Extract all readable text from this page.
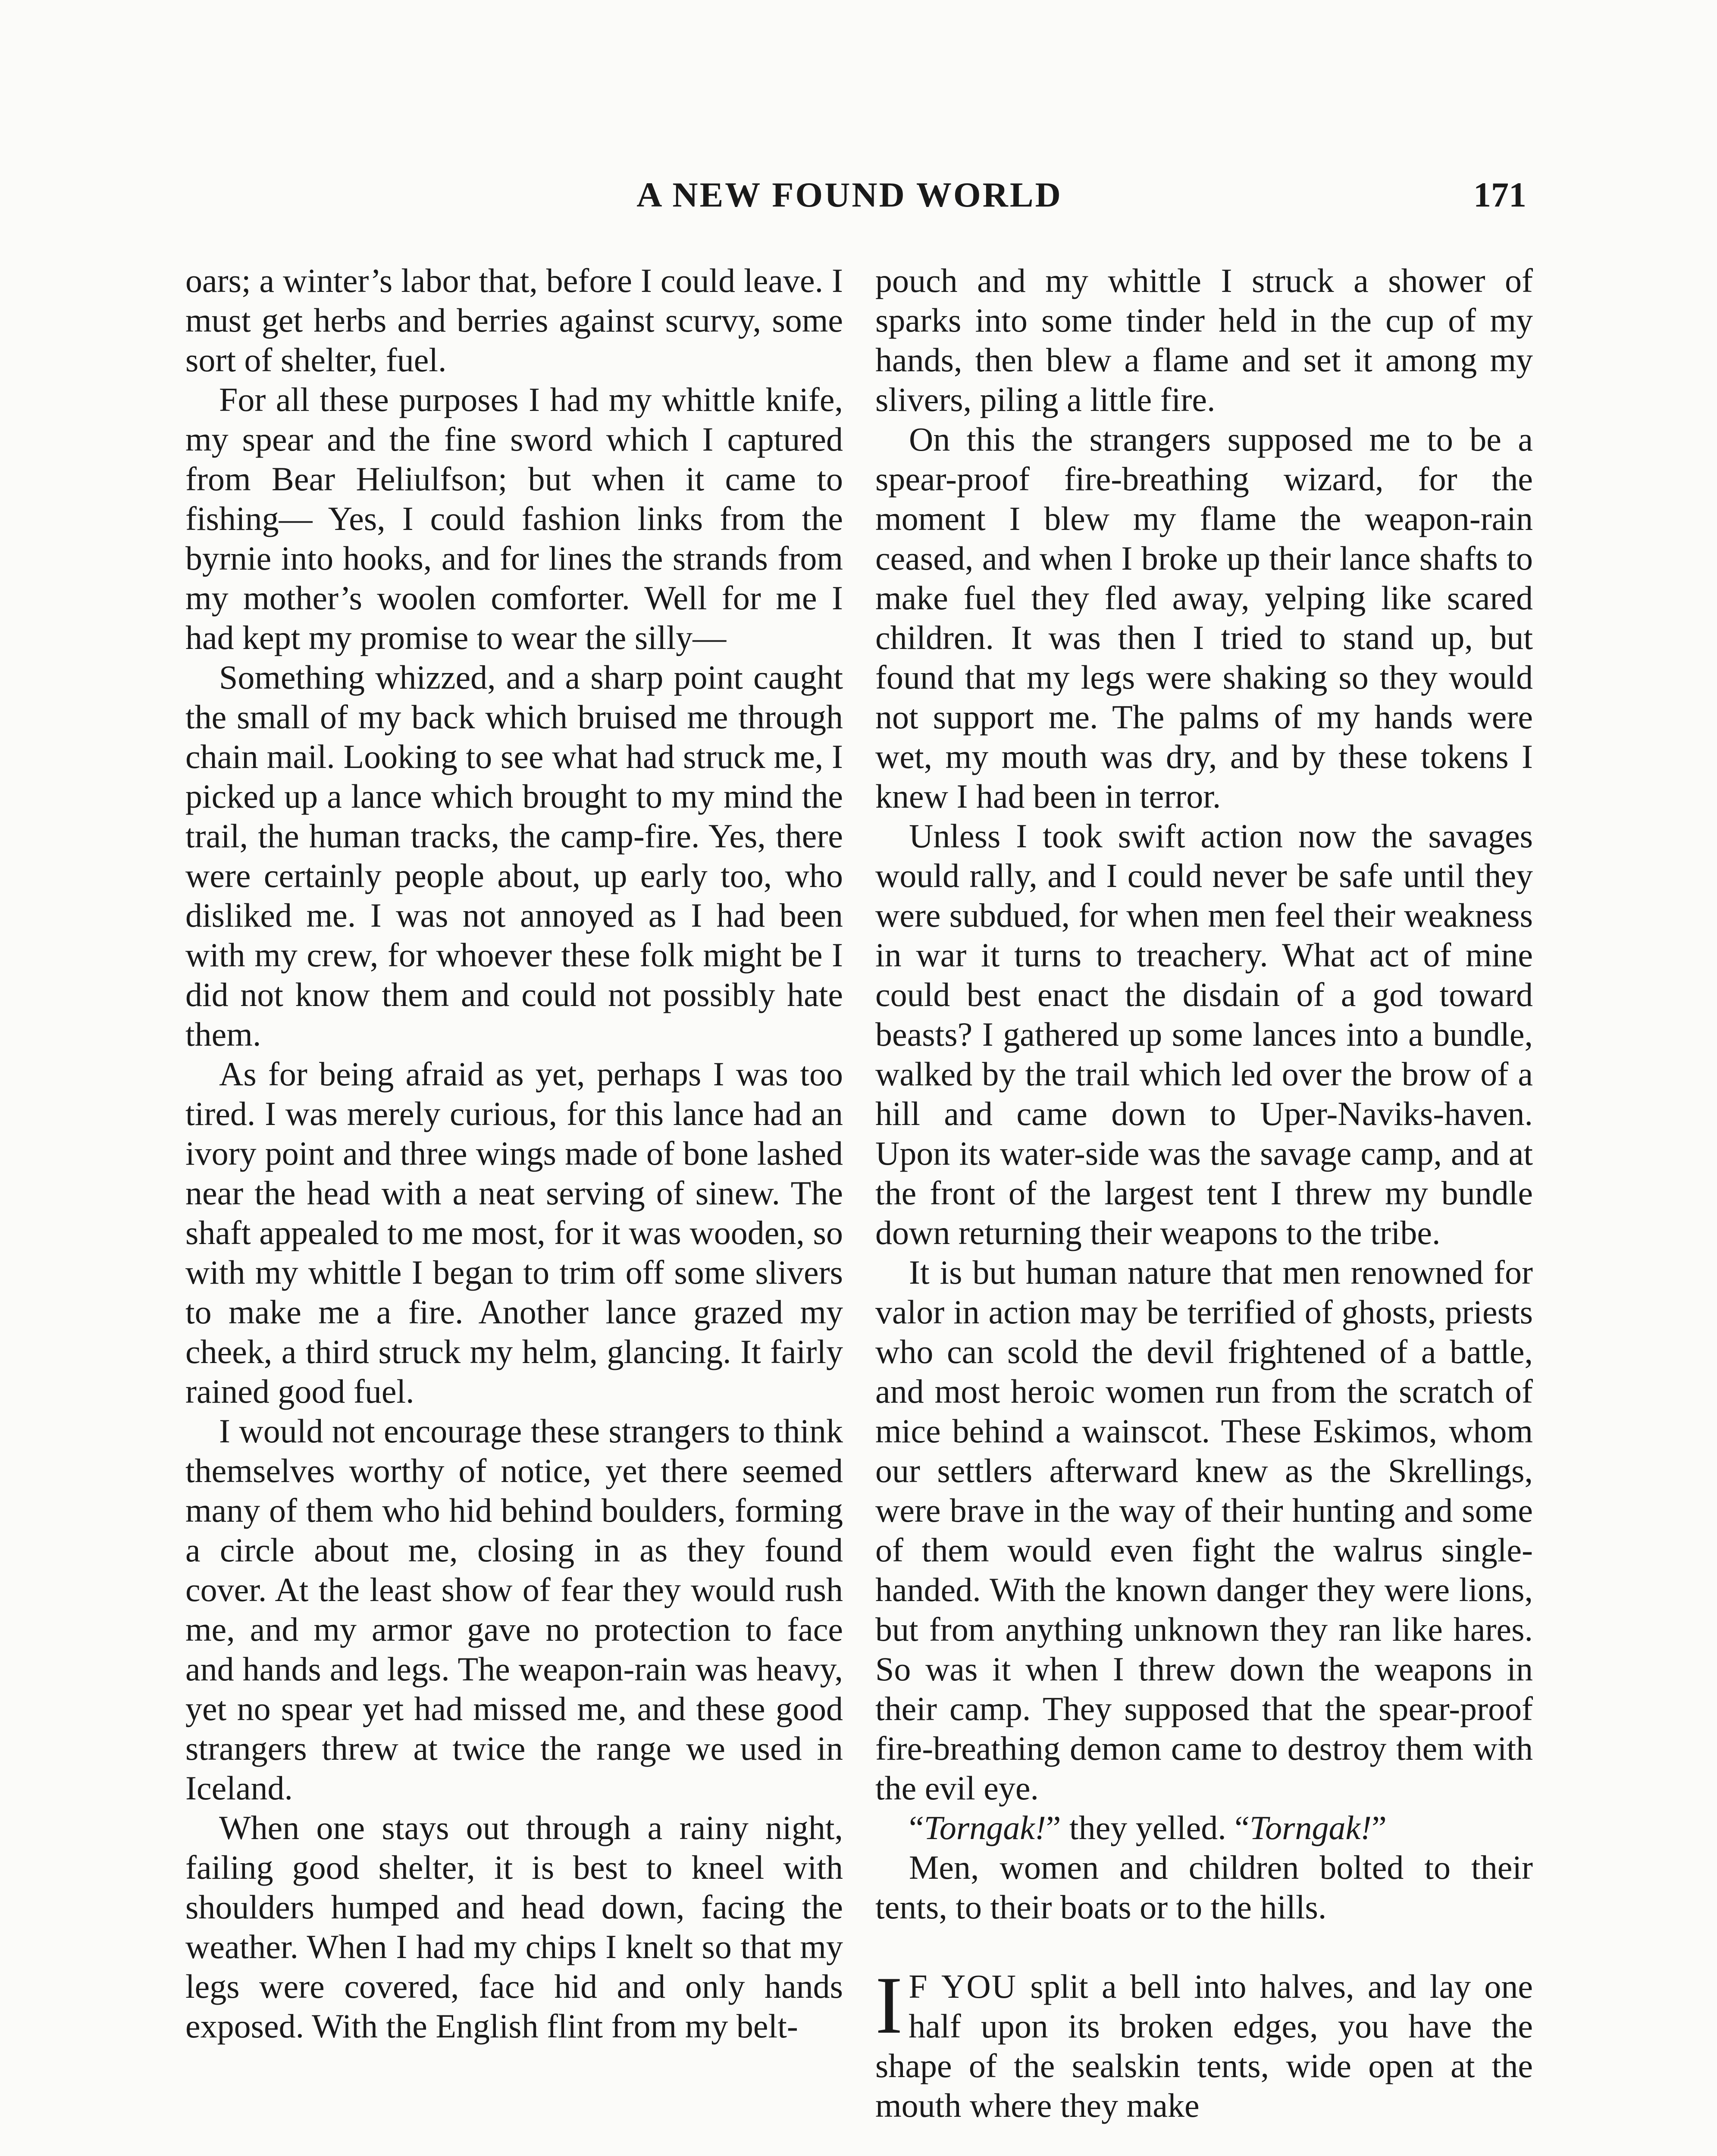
A NEW FOUND WORLD	171

oars; a winter’s labor that, before I could leave. I must get herbs and berries against scurvy, some sort of shelter, fuel.

For all these purposes I had my whittle knife, my spear and the fine sword which I captured from Bear Heliulfson; but when it came to fishing— Yes, I could fashion links from the byrnie into hooks, and for lines the strands from my mother’s woolen comforter. Well for me I had kept my promise to wear the silly—

Something whizzed, and a sharp point caught the small of my back which bruised me through chain mail. Looking to see what had struck me, I picked up a lance which brought to my mind the trail, the human tracks, the camp-fire. Yes, there were certainly people about, up early too, who disliked me. I was not annoyed as I had been with my crew, for whoever these folk might be I did not know them and could not possibly hate them.

As for being afraid as yet, perhaps I was too tired. I was merely curious, for this lance had an ivory point and three wings made of bone lashed near the head with a neat serving of sinew. The shaft appealed to me most, for it was wooden, so with my whittle I began to trim off some slivers to make me a fire. Another lance grazed my cheek, a third struck my helm, glancing. It fairly rained good fuel.

I would not encourage these strangers to think themselves worthy of notice, yet there seemed many of them who hid behind boulders, forming a circle about me, closing in as they found cover. At the least show of fear they would rush me, and my armor gave no protection to face and hands and legs. The weapon-rain was heavy, yet no spear yet had missed me, and these good strangers threw at twice the range we used in Iceland.

When one stays out through a rainy night, failing good shelter, it is best to kneel with shoulders humped and head down, facing the weather. When I had my chips I knelt so that my legs were covered, face hid and only hands exposed. With the English flint from my belt-

pouch and my whittle I struck a shower of sparks into some tinder held in the cup of my hands, then blew a flame and set it among my slivers, piling a little fire.

On this the strangers supposed me to be a spear-proof fire-breathing wizard, for the moment I blew my flame the weapon-rain ceased, and when I broke up their lance shafts to make fuel they fled away, yelping like scared children. It was then I tried to stand up, but found that my legs were shaking so they would not support me. The palms of my hands were wet, my mouth was dry, and by these tokens I knew I had been in terror.

Unless I took swift action now the savages would rally, and I could never be safe until they were subdued, for when men feel their weakness in war it turns to treachery. What act of mine could best enact the disdain of a god toward beasts? I gathered up some lances into a bundle, walked by the trail which led over the brow of a hill and came down to Uper-Naviks-haven. Upon its water-side was the savage camp, and at the front of the largest tent I threw my bundle down returning their weapons to the tribe.

It is but human nature that men renowned for valor in action may be terrified of ghosts, priests who can scold the devil frightened of a battle, and most heroic women run from the scratch of mice behind a wainscot. These Eskimos, whom our settlers afterward knew as the Skrellings, were brave in the way of their hunting and some of them would even fight the walrus single-handed. With the known danger they were lions, but from anything unknown they ran like hares. So was it when I threw down the weapons in their camp. They supposed that the spear-proof fire-breathing demon came to destroy them with the evil eye.

“Torngak!” they yelled. “Torngak!”

Men, women and children bolted to their tents, to their boats or to the hills.

I F YOU split a bell into halves, and lay one half upon its broken edges, you have the shape of the sealskin tents, wide open at the mouth where they make
